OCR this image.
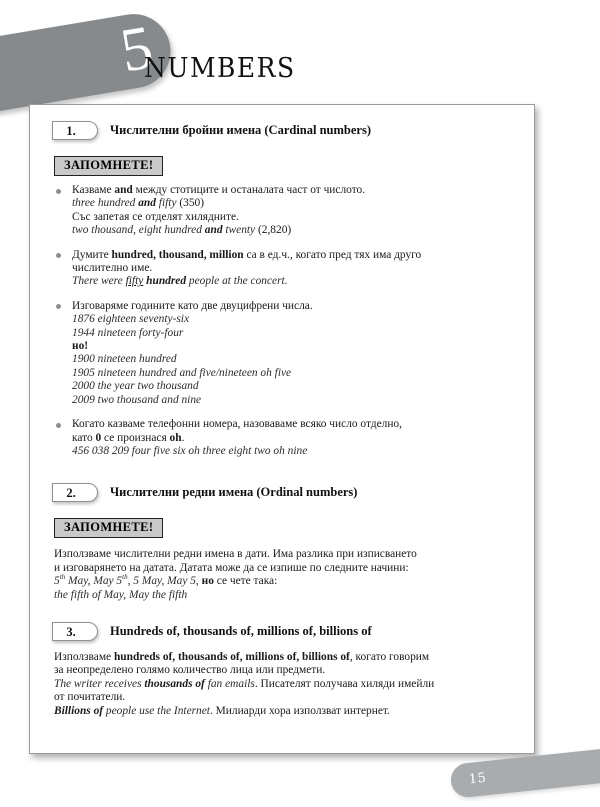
5
NUMBERS
1.	Числителни бройни имена (Cardinal numbers)
ЗАПОМНЕТЕ!
Казваме and между стотиците и останалата част от числото.
three hundred and fifty (350)
Със запетая се отделят хилядните.
two thousand, eight hundred and twenty (2,820)
Думите hundred, thousand, million са в ед.ч., когато пред тях има друго
числително име.
There were fifty hundred people at the concert.
Изговаряме годините като две двуцифрени числа.
1876 eighteen seventy-six
1944 nineteen forty-four
но!
1900 nineteen hundred
1905 nineteen hundred and five/nineteen oh five
2000 the year two thousand
2009 two thousand and nine
Когато казваме телефонни номера, назоваваме всяко число отделно,
като 0 се произнася oh.
456 038 209 four five six oh three eight two oh nine
2.	Числителни редни имена (Ordinal numbers)
ЗАПОМНЕТЕ!
Използваме числителни редни имена в дати. Има разлика при изписването
и изговарянето на датата. Датата може да се изпише по следните начини:
5th May, May 5th, 5 May, May 5, но се чете така:
the fifth of May, May the fifth
3.	Hundreds of, thousands of, millions of, billions of
Използваме hundreds of, thousands of, millions of, billions of, когато говорим
за неопределено голямо количество лица или предмети.
The writer receives thousands of fan emails. Писателят получава хиляди имейли
от почитатели.
Billions of people use the Internet. Милиарди хора използват интернет.
15
